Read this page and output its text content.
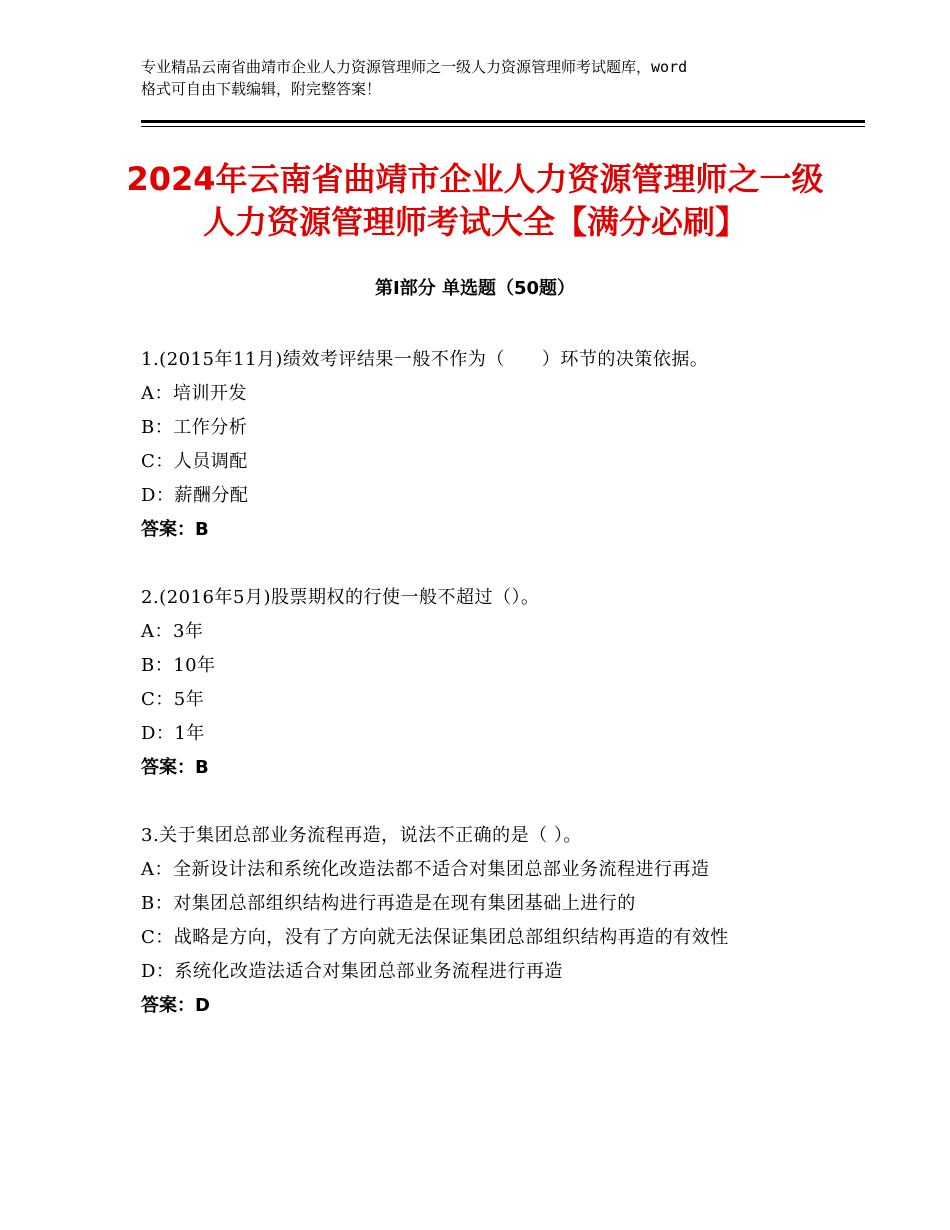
专业精品云南省曲靖市企业人力资源管理师之一级人力资源管理师考试题库，word
格式可自由下载编辑，附完整答案！
2024年云南省曲靖市企业人力资源管理师之一级人力资源管理师考试大全【满分必刷】
第Ⅰ部分 单选题（50题）
1.(2015年11月)绩效考评结果一般不作为（　　）环节的决策依据。
A：培训开发
B：工作分析
C：人员调配
D：薪酬分配
答案：B
2.(2016年5月)股票期权的行使一般不超过（）。
A：3年
B：10年
C：5年
D：1年
答案：B
3.关于集团总部业务流程再造，说法不正确的是（ ）。
A：全新设计法和系统化改造法都不适合对集团总部业务流程进行再造
B：对集团总部组织结构进行再造是在现有集团基础上进行的
C：战略是方向，没有了方向就无法保证集团总部组织结构再造的有效性
D：系统化改造法适合对集团总部业务流程进行再造
答案：D
